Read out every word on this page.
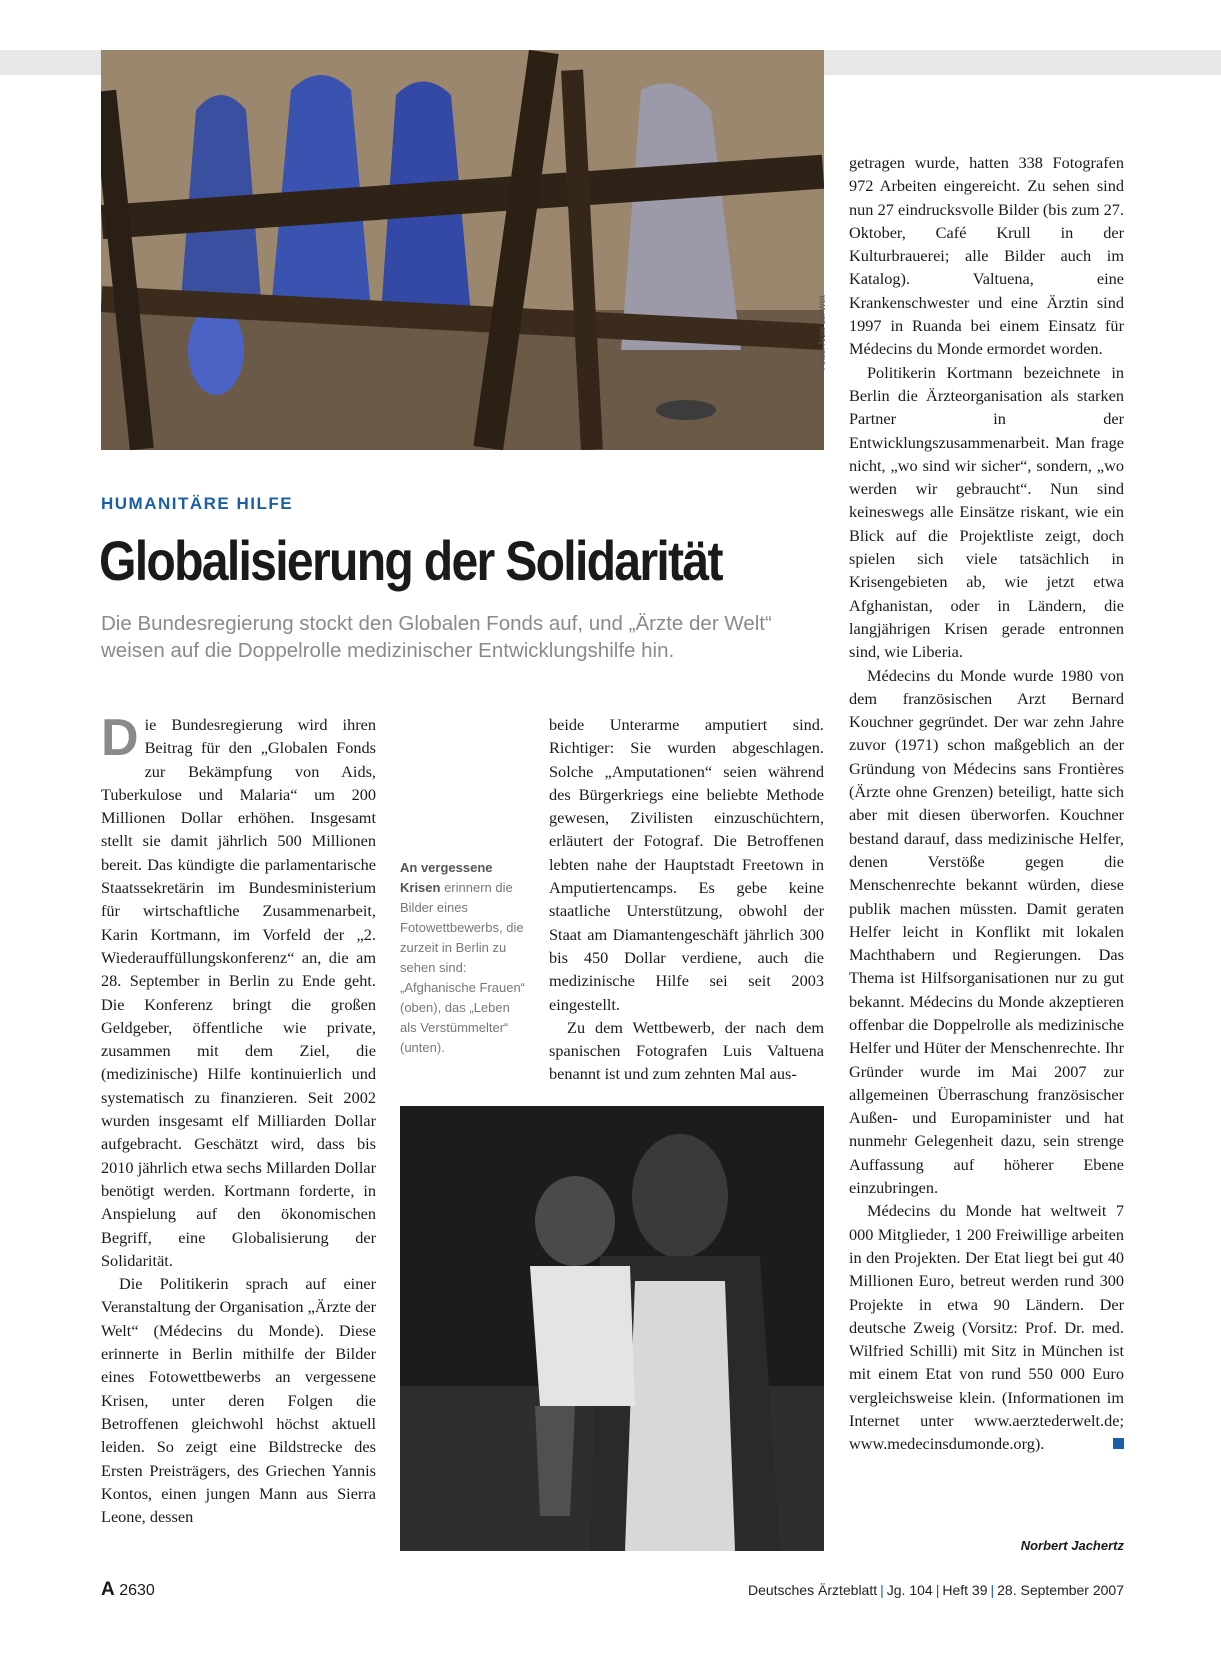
Fotos: Ärzte der Welt
HUMANITÄRE HILFE
Globalisierung der Solidarität

Die Bundesregierung stockt den Globalen Fonds auf, und „Ärzte der Welt“ weisen auf die Doppelrolle medizinischer Entwicklungshilfe hin.

Die Bundesregierung wird ihren Beitrag für den „Globalen Fonds zur Bekämpfung von Aids, Tuberkulose und Malaria“ um 200 Millionen Dollar erhöhen. Insgesamt stellt sie damit jährlich 500 Millionen bereit. Das kündigte die parlamentarische Staatssekretärin im Bundesministerium für wirtschaftliche Zusammenarbeit, Karin Kortmann, im Vorfeld der „2. Wiederauffüllungskonferenz“ an, die am 28. September in Berlin zu Ende geht. Die Konferenz bringt die großen Geldgeber, öffentliche wie private, zusammen mit dem Ziel, die (medizinische) Hilfe kontinuierlich und systematisch zu finanzieren. Seit 2002 wurden insgesamt elf Milliarden Dollar aufgebracht. Geschätzt wird, dass bis 2010 jährlich etwa sechs Millarden Dollar benötigt werden. Kortmann forderte, in Anspielung auf den ökonomischen Begriff, eine Globalisierung der Solidarität.

Die Politikerin sprach auf einer Veranstaltung der Organisation „Ärzte der Welt“ (Médecins du Monde). Diese erinnerte in Berlin mithilfe der Bilder eines Fotowettbewerbs an vergessene Krisen, unter deren Folgen die Betroffenen gleichwohl höchst aktuell leiden. So zeigt eine Bildstrecke des Ersten Preisträgers, des Griechen Yannis Kontos, einen jungen Mann aus Sierra Leone, dessen

An vergessene Krisen erinnern die Bilder eines Fotowettbewerbs, die zurzeit in Berlin zu sehen sind: „Afghanische Frauen“ (oben), das „Leben als Verstümmelter“ (unten).

beide Unterarme amputiert sind. Richtiger: Sie wurden abgeschlagen. Solche „Amputationen“ seien während des Bürgerkriegs eine beliebte Methode gewesen, Zivilisten einzuschüchtern, erläutert der Fotograf. Die Betroffenen lebten nahe der Hauptstadt Freetown in Amputiertencamps. Es gebe keine staatliche Unterstützung, obwohl der Staat am Diamantengeschäft jährlich 300 bis 450 Dollar verdiene, auch die medizinische Hilfe sei seit 2003 eingestellt.

Zu dem Wettbewerb, der nach dem spanischen Fotografen Luis Valtuena benannt ist und zum zehnten Mal aus-

getragen wurde, hatten 338 Fotografen 972 Arbeiten eingereicht. Zu sehen sind nun 27 eindrucksvolle Bilder (bis zum 27. Oktober, Café Krull in der Kulturbrauerei; alle Bilder auch im Katalog). Valtuena, eine Krankenschwester und eine Ärztin sind 1997 in Ruanda bei einem Einsatz für Médecins du Monde ermordet worden.

Politikerin Kortmann bezeichnete in Berlin die Ärzteorganisation als starken Partner in der Entwicklungszusammenarbeit. Man frage nicht, „wo sind wir sicher“, sondern, „wo werden wir gebraucht“. Nun sind keineswegs alle Einsätze riskant, wie ein Blick auf die Projektliste zeigt, doch spielen sich viele tatsächlich in Krisengebieten ab, wie jetzt etwa Afghanistan, oder in Ländern, die langjährigen Krisen gerade entronnen sind, wie Liberia.

Médecins du Monde wurde 1980 von dem französischen Arzt Bernard Kouchner gegründet. Der war zehn Jahre zuvor (1971) schon maßgeblich an der Gründung von Médecins sans Frontières (Ärzte ohne Grenzen) beteiligt, hatte sich aber mit diesen überworfen. Kouchner bestand darauf, dass medizinische Helfer, denen Verstöße gegen die Menschenrechte bekannt würden, diese publik machen müssten. Damit geraten Helfer leicht in Konflikt mit lokalen Machthabern und Regierungen. Das Thema ist Hilfsorganisationen nur zu gut bekannt. Médecins du Monde akzeptieren offenbar die Doppelrolle als medizinische Helfer und Hüter der Menschenrechte. Ihr Gründer wurde im Mai 2007 zur allgemeinen Überraschung französischer Außen- und Europaminister und hat nunmehr Gelegenheit dazu, sein strenge Auffassung auf höherer Ebene einzubringen.

Médecins du Monde hat weltweit 7 000 Mitglieder, 1 200 Freiwillige arbeiten in den Projekten. Der Etat liegt bei gut 40 Millionen Euro, betreut werden rund 300 Projekte in etwa 90 Ländern. Der deutsche Zweig (Vorsitz: Prof. Dr. med. Wilfried Schilli) mit Sitz in München ist mit einem Etat von rund 550 000 Euro vergleichsweise klein. (Informationen im Internet unter www.aerztederwelt.de; www.medecinsdumonde.org).

Norbert Jachertz
A 2630	Deutsches Ärzteblatt | Jg. 104 | Heft 39 | 28. September 2007
